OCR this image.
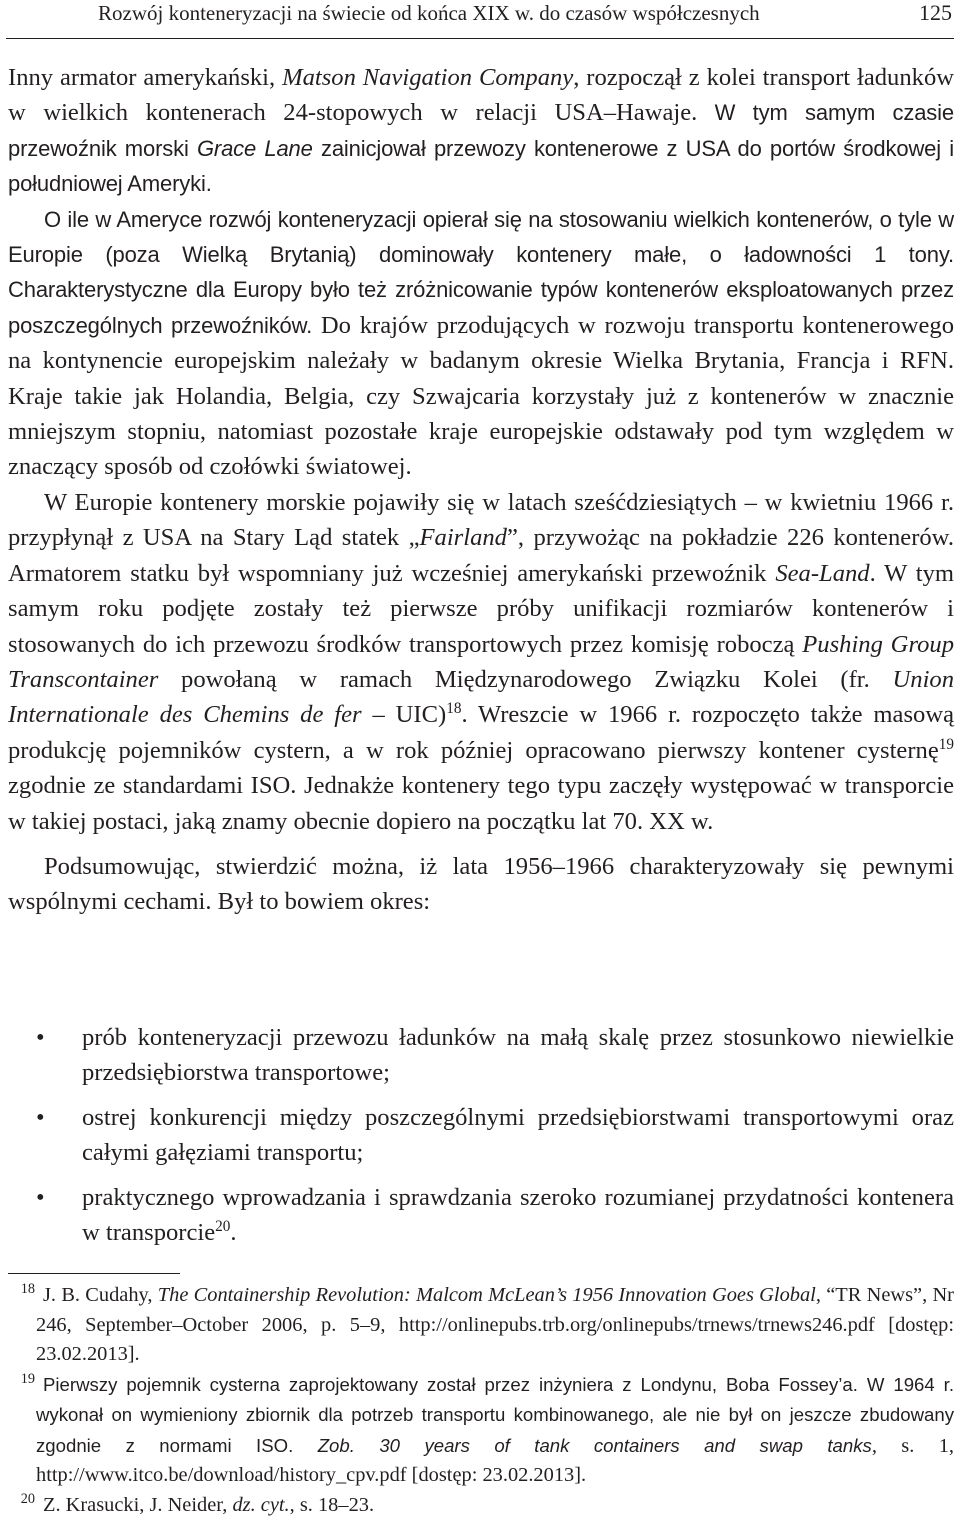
Rozwój konteneryzacji na świecie od końca XIX w. do czasów współczesnych	125

Inny armator amerykański, Matson Navigation Company, rozpoczął z kolei transport ładunków w wielkich kontenerach 24-stopowych w relacji USA–Hawaje. W tym samym czasie przewoźnik morski Grace Lane zainicjował przewozy kontenerowe z USA do portów środkowej i południowej Ameryki.

O ile w Ameryce rozwój konteneryzacji opierał się na stosowaniu wielkich kontenerów, o tyle w Europie (poza Wielką Brytanią) dominowały kontenery małe, o ładowności 1 tony. Charakterystyczne dla Europy było też zróżnicowanie typów kontenerów eksploatowanych przez poszczególnych przewoźników. Do krajów przodujących w rozwoju transportu kontenerowego na kontynencie europejskim należały w badanym okresie Wielka Brytania, Francja i RFN. Kraje takie jak Holandia, Belgia, czy Szwajcaria korzystały już z kontenerów w znacznie mniejszym stopniu, natomiast pozostałe kraje europejskie odstawały pod tym względem w znaczący sposób od czołówki światowej.

W Europie kontenery morskie pojawiły się w latach sześćdziesiątych – w kwietniu 1966 r. przypłynął z USA na Stary Ląd statek „Fairland”, przywożąc na pokładzie 226 kontenerów. Armatorem statku był wspomniany już wcześniej amerykański przewoźnik Sea-Land. W tym samym roku podjęte zostały też pierwsze próby unifikacji rozmiarów kontenerów i stosowanych do ich przewozu środków transportowych przez komisję roboczą Pushing Group Transcontainer powołaną w ramach Międzynarodowego Związku Kolei (fr. Union Internationale des Chemins de fer – UIC)$^{18}$. Wreszcie w 1966 r. rozpoczęto także masową produkcję pojemników cystern, a w rok później opracowano pierwszy kontener cysternę$^{19}$ zgodnie ze standardami ISO. Jednakże kontenery tego typu zaczęły występować w transporcie w takiej postaci, jaką znamy obecnie dopiero na początku lat 70. XX w.

Podsumowując, stwierdzić można, iż lata 1956–1966 charakteryzowały się pewnymi wspólnymi cechami. Był to bowiem okres:

• prób konteneryzacji przewozu ładunków na małą skalę przez stosunkowo niewielkie przedsiębiorstwa transportowe;
• ostrej konkurencji między poszczególnymi przedsiębiorstwami transportowymi oraz całymi gałęziami transportu;
• praktycznego wprowadzania i sprawdzania szeroko rozumianej przydatności kontenera w transporcie$^{20}$.

18 J. B. Cudahy, The Containership Revolution: Malcom McLean’s 1956 Innovation Goes Global, “TR News”, Nr 246, September–October 2006, p. 5–9, http://onlinepubs.trb.org/onlinepubs/trnews/trnews246.pdf [dostęp: 23.02.2013].

19 Pierwszy pojemnik cysterna zaprojektowany został przez inżyniera z Londynu, Boba Fossey’a. W 1964 r. wykonał on wymieniony zbiornik dla potrzeb transportu kombinowanego, ale nie był on jeszcze zbudowany zgodnie z normami ISO. Zob. 30 years of tank containers and swap tanks, s. 1, http://www.itco.be/download/history_cpv.pdf [dostęp: 23.02.2013].

20 Z. Krasucki, J. Neider, dz. cyt., s. 18–23.
